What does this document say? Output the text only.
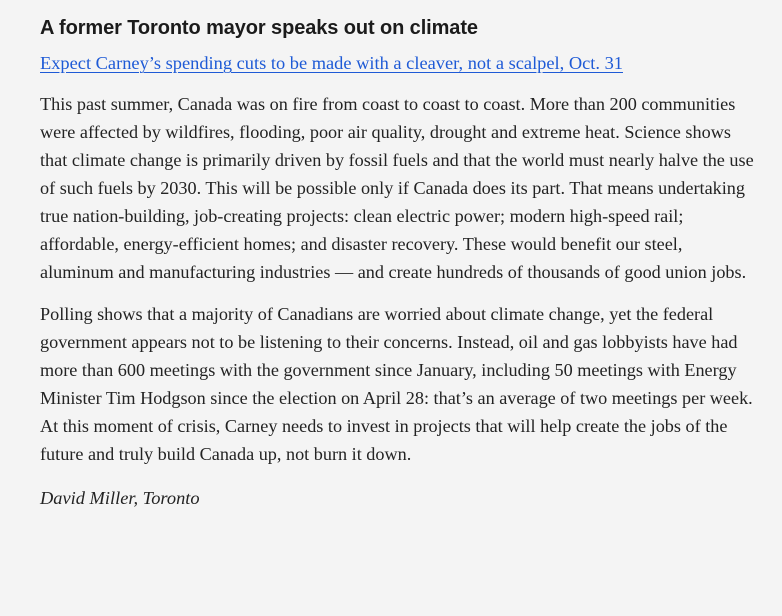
A former Toronto mayor speaks out on climate
Expect Carney’s spending cuts to be made with a cleaver, not a scalpel, Oct. 31

This past summer, Canada was on fire from coast to coast to coast. More than 200 communities were affected by wildfires, flooding, poor air quality, drought and extreme heat. Science shows that climate change is primarily driven by fossil fuels and that the world must nearly halve the use of such fuels by 2030. This will be possible only if Canada does its part. That means undertaking true nation-building, job-creating projects: clean electric power; modern high-speed rail; affordable, energy-efficient homes; and disaster recovery. These would benefit our steel, aluminum and manufacturing industries — and create hundreds of thousands of good union jobs.

Polling shows that a majority of Canadians are worried about climate change, yet the federal government appears not to be listening to their concerns. Instead, oil and gas lobbyists have had more than 600 meetings with the government since January, including 50 meetings with Energy Minister Tim Hodgson since the election on April 28: that’s an average of two meetings per week. At this moment of crisis, Carney needs to invest in projects that will help create the jobs of the future and truly build Canada up, not burn it down.

David Miller, Toronto
